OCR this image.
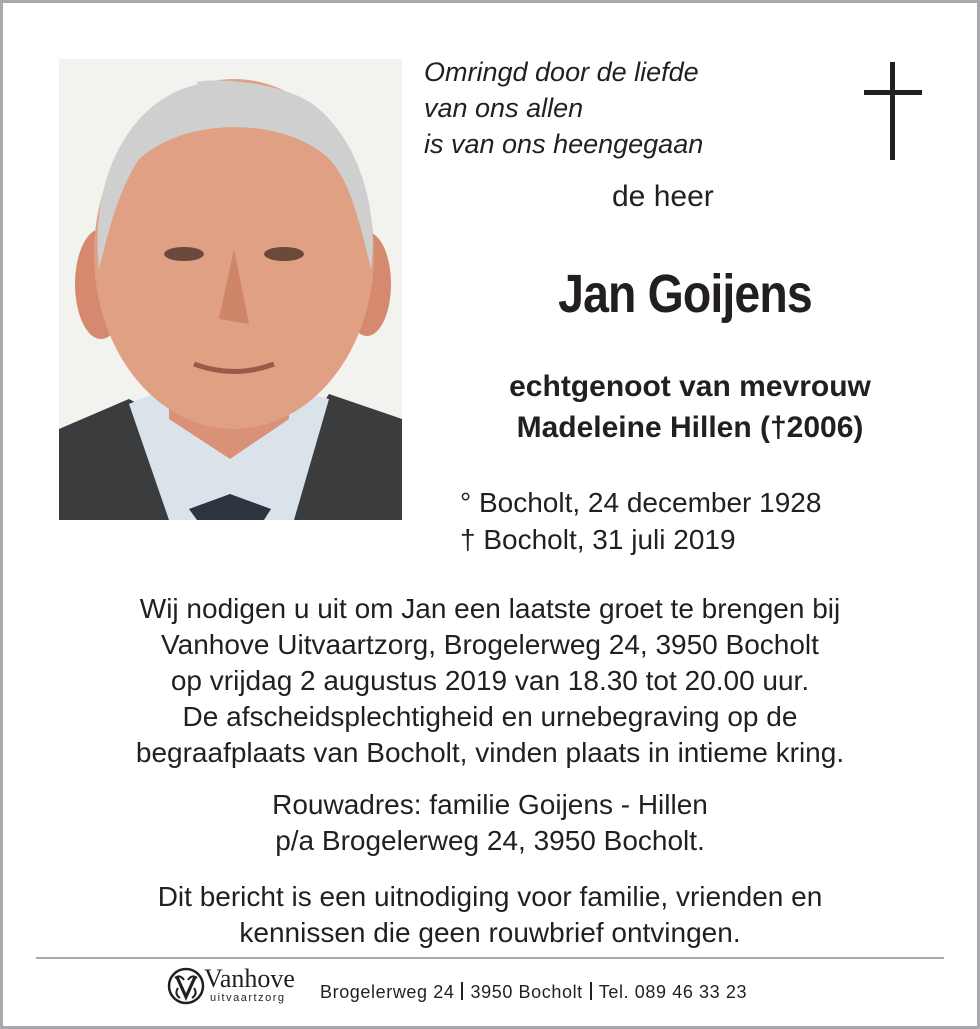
Omringd door de liefde
van ons allen
is van ons heengegaan
de heer
Jan Goijens
echtgenoot van mevrouw
Madeleine Hillen (†2006)
° Bocholt, 24 december 1928
† Bocholt, 31 juli 2019
Wij nodigen u uit om Jan een laatste groet te brengen bij
Vanhove Uitvaartzorg, Brogelerweg 24, 3950 Bocholt
op vrijdag 2 augustus 2019 van 18.30 tot 20.00 uur.
De afscheidsplechtigheid en urnebegraving op de
begraafplaats van Bocholt, vinden plaats in intieme kring.
Rouwadres: familie Goijens - Hillen
p/a Brogelerweg 24, 3950 Bocholt.
Dit bericht is een uitnodiging voor familie, vrienden en
kennissen die geen rouwbrief ontvingen.
Vanhove
uitvaartzorg Brogelerweg 24 3950 Bocholt Tel. 089 46 33 23
